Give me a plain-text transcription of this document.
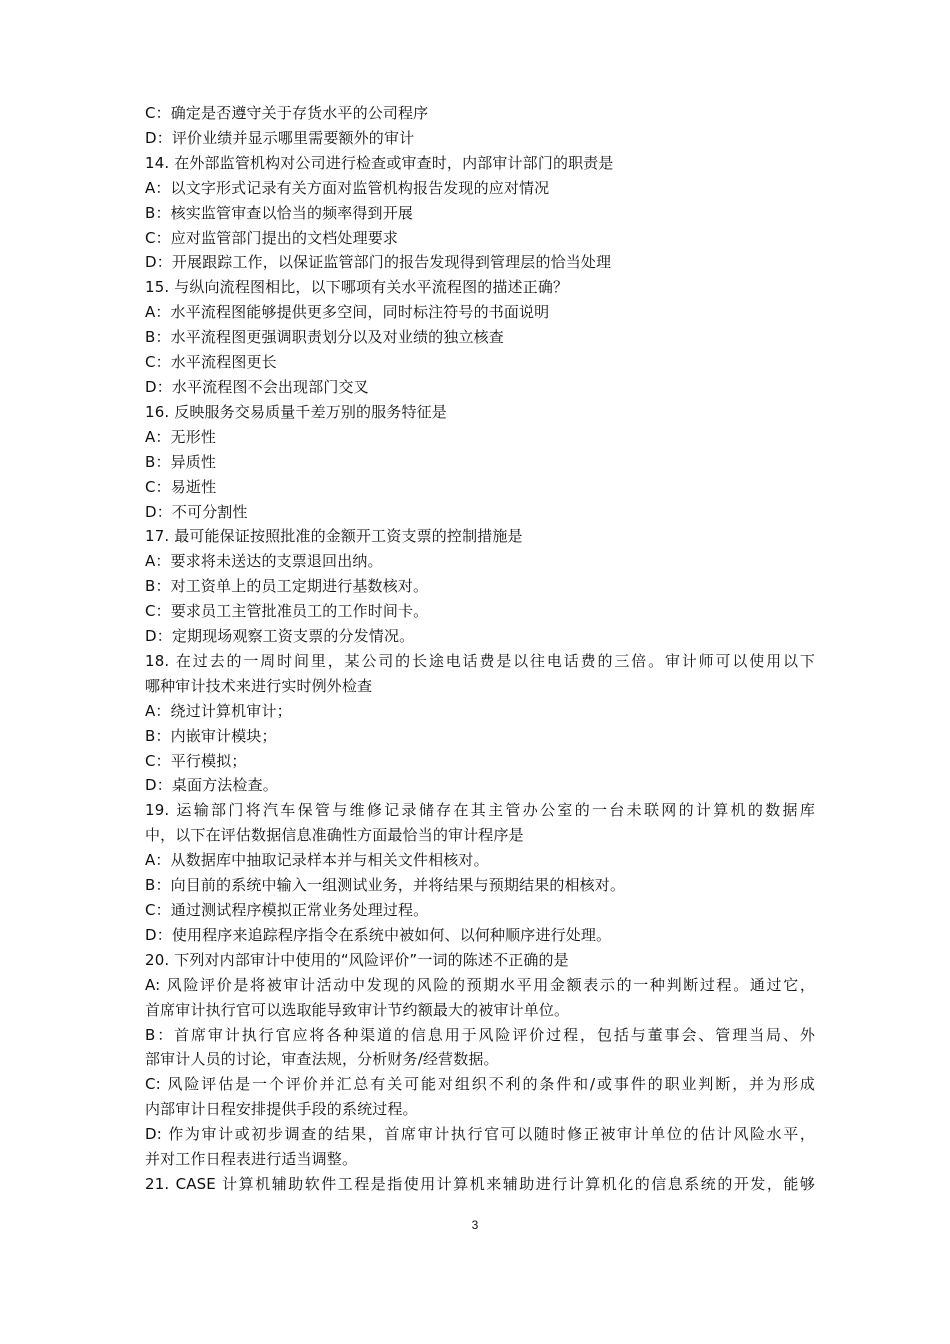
C：确定是否遵守关于存货水平的公司程序
D：评价业绩并显示哪里需要额外的审计
14. 在外部监管机构对公司进行检查或审查时，内部审计部门的职责是
A：以文字形式记录有关方面对监管机构报告发现的应对情况
B：核实监管审查以恰当的频率得到开展
C：应对监管部门提出的文档处理要求
D：开展跟踪工作，以保证监管部门的报告发现得到管理层的恰当处理
15. 与纵向流程图相比，以下哪项有关水平流程图的描述正确？
A：水平流程图能够提供更多空间，同时标注符号的书面说明
B：水平流程图更强调职责划分以及对业绩的独立核查
C：水平流程图更长
D：水平流程图不会出现部门交叉
16. 反映服务交易质量千差万别的服务特征是
A：无形性
B：异质性
C：易逝性
D：不可分割性
17. 最可能保证按照批准的金额开工资支票的控制措施是
A：要求将未送达的支票退回出纳。
B：对工资单上的员工定期进行基数核对。
C：要求员工主管批准员工的工作时间卡。
D：定期现场观察工资支票的分发情况。
18. 在过去的一周时间里，某公司的长途电话费是以往电话费的三倍。审计师可以使用以下
哪种审计技术来进行实时例外检查
A：绕过计算机审计；
B：内嵌审计模块；
C：平行模拟；
D：桌面方法检查。
19. 运输部门将汽车保管与维修记录储存在其主管办公室的一台未联网的计算机的数据库
中，以下在评估数据信息准确性方面最恰当的审计程序是
A：从数据库中抽取记录样本并与相关文件相核对。
B：向目前的系统中输入一组测试业务，并将结果与预期结果的相核对。
C：通过测试程序模拟正常业务处理过程。
D：使用程序来追踪程序指令在系统中被如何、以何种顺序进行处理。
20. 下列对内部审计中使用的“风险评价”一词的陈述不正确的是
A: 风险评价是将被审计活动中发现的风险的预期水平用金额表示的一种判断过程。通过它，
首席审计执行官可以选取能导致审计节约额最大的被审计单位。
B：首席审计执行官应将各种渠道的信息用于风险评价过程，包括与董事会、管理当局、外
部审计人员的讨论，审查法规，分析财务/经营数据。
C: 风险评估是一个评价并汇总有关可能对组织不利的条件和/或事件的职业判断，并为形成
内部审计日程安排提供手段的系统过程。
D: 作为审计或初步调查的结果，首席审计执行官可以随时修正被审计单位的估计风险水平，
并对工作日程表进行适当调整。
21. CASE 计算机辅助软件工程是指使用计算机来辅助进行计算机化的信息系统的开发，能够
3
